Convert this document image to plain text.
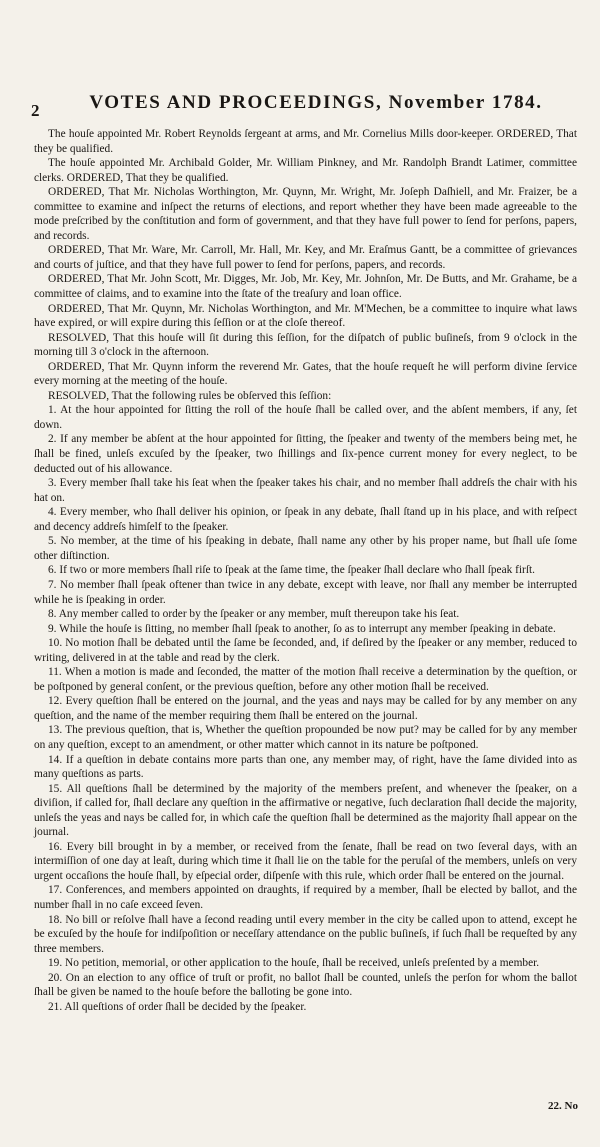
2	VOTES AND PROCEEDINGS, November 1784.

The houſe appointed Mr. Robert Reynolds ſergeant at arms, and Mr. Cornelius Mills door-keeper. ORDERED, That they be qualified.

The houſe appointed Mr. Archibald Golder, Mr. William Pinkney, and Mr. Randolph Brandt Latimer, committee clerks. ORDERED, That they be qualified.

ORDERED, That Mr. Nicholas Worthington, Mr. Quynn, Mr. Wright, Mr. Joſeph Daſhiell, and Mr. Fraizer, be a committee to examine and inſpect the returns of elections, and report whether they have been made agreeable to the mode preſcribed by the conſtitution and form of government, and that they have full power to ſend for perſons, papers, and records.

ORDERED, That Mr. Ware, Mr. Carroll, Mr. Hall, Mr. Key, and Mr. Eraſmus Gantt, be a committee of grievances and courts of juſtice, and that they have full power to ſend for perſons, papers, and records.

ORDERED, That Mr. John Scott, Mr. Digges, Mr. Job, Mr. Key, Mr. Johnſon, Mr. De Butts, and Mr. Grahame, be a committee of claims, and to examine into the ſtate of the treaſury and loan office.

ORDERED, That Mr. Quynn, Mr. Nicholas Worthington, and Mr. M'Mechen, be a committee to inquire what laws have expired, or will expire during this ſeſſion or at the cloſe thereof.

RESOLVED, That this houſe will ſit during this ſeſſion, for the diſpatch of public buſineſs, from 9 o'clock in the morning till 3 o'clock in the afternoon.

ORDERED, That Mr. Quynn inform the reverend Mr. Gates, that the houſe requeſt he will perform divine ſervice every morning at the meeting of the houſe.

RESOLVED, That the following rules be obſerved this ſeſſion:

1. At the hour appointed for ſitting the roll of the houſe ſhall be called over, and the abſent members, if any, ſet down.

2. If any member be abſent at the hour appointed for ſitting, the ſpeaker and twenty of the members being met, he ſhall be fined, unleſs excuſed by the ſpeaker, two ſhillings and ſix-pence current money for every neglect, to be deducted out of his allowance.

3. Every member ſhall take his ſeat when the ſpeaker takes his chair, and no member ſhall addreſs the chair with his hat on.

4. Every member, who ſhall deliver his opinion, or ſpeak in any debate, ſhall ſtand up in his place, and with reſpect and decency addreſs himſelf to the ſpeaker.

5. No member, at the time of his ſpeaking in debate, ſhall name any other by his proper name, but ſhall uſe ſome other diſtinction.

6. If two or more members ſhall riſe to ſpeak at the ſame time, the ſpeaker ſhall declare who ſhall ſpeak firſt.

7. No member ſhall ſpeak oftener than twice in any debate, except with leave, nor ſhall any member be interrupted while he is ſpeaking in order.

8. Any member called to order by the ſpeaker or any member, muſt thereupon take his ſeat.

9. While the houſe is ſitting, no member ſhall ſpeak to another, ſo as to interrupt any member ſpeaking in debate.

10. No motion ſhall be debated until the ſame be ſeconded, and, if deſired by the ſpeaker or any member, reduced to writing, delivered in at the table and read by the clerk.

11. When a motion is made and ſeconded, the matter of the motion ſhall receive a determination by the queſtion, or be poſtponed by general conſent, or the previous queſtion, before any other motion ſhall be received.

12. Every queſtion ſhall be entered on the journal, and the yeas and nays may be called for by any member on any queſtion, and the name of the member requiring them ſhall be entered on the journal.

13. The previous queſtion, that is, Whether the queſtion propounded be now put? may be called for by any member on any queſtion, except to an amendment, or other matter which cannot in its nature be poſtponed.

14. If a queſtion in debate contains more parts than one, any member may, of right, have the ſame divided into as many queſtions as parts.

15. All queſtions ſhall be determined by the majority of the members preſent, and whenever the ſpeaker, on a diviſion, if called for, ſhall declare any queſtion in the affirmative or negative, ſuch declaration ſhall decide the majority, unleſs the yeas and nays be called for, in which caſe the queſtion ſhall be determined as the majority ſhall appear on the journal.

16. Every bill brought in by a member, or received from the ſenate, ſhall be read on two ſeveral days, with an intermiſſion of one day at leaſt, during which time it ſhall lie on the table for the peruſal of the members, unleſs on very urgent occaſions the houſe ſhall, by eſpecial order, diſpenſe with this rule, which order ſhall be entered on the journal.

17. Conferences, and members appointed on draughts, if required by a member, ſhall be elected by ballot, and the number ſhall in no caſe exceed ſeven.

18. No bill or reſolve ſhall have a ſecond reading until every member in the city be called upon to attend, except he be excuſed by the houſe for indiſpoſition or neceſſary attendance on the public buſineſs, if ſuch ſhall be requeſted by any three members.

19. No petition, memorial, or other application to the houſe, ſhall be received, unleſs preſented by a member.

20. On an election to any office of truſt or profit, no ballot ſhall be counted, unleſs the perſon for whom the ballot ſhall be given be named to the houſe before the balloting be gone into.

21. All queſtions of order ſhall be decided by the ſpeaker.

22. No
